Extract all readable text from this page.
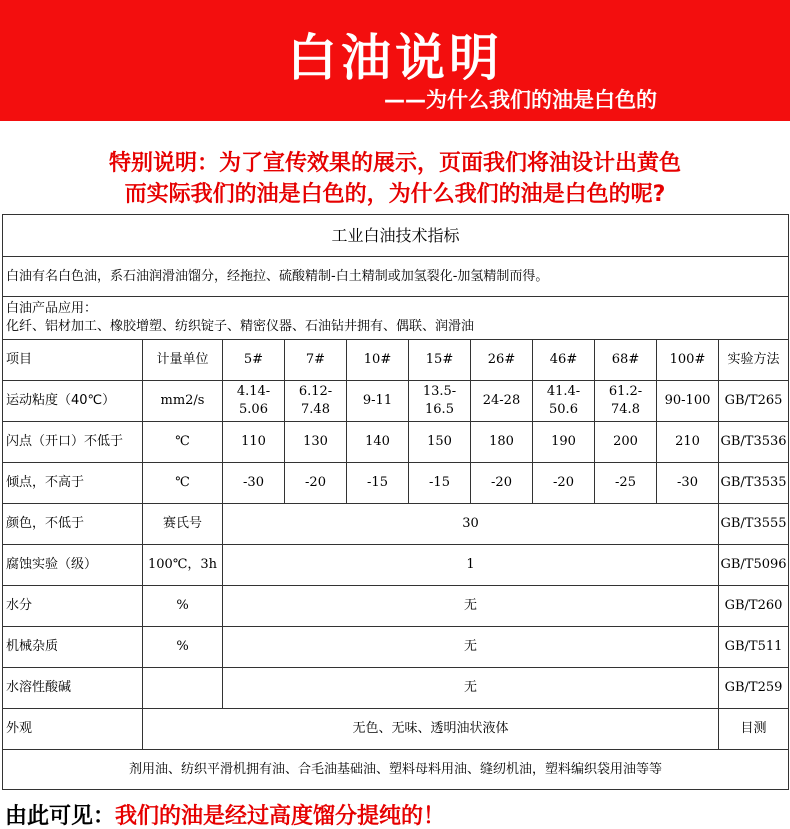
白油说明
——为什么我们的油是白色的
特别说明：为了宣传效果的展示，页面我们将油设计出黄色
而实际我们的油是白色的，为什么我们的油是白色的呢?
工业白油技术指标										
白油有名白色油，系石油润滑油馏分，经拖拉、硫酸精制-白土精制或加氢裂化-加氢精制而得。										

白油产品应用：
化纤、铝材加工、橡胶增塑、纺织锭子、精密仪器、石油钻井拥有、偶联、润滑油										

项目	计量单位	5#	7#	10#	15#	26#	46#	68#	100#	实验方法
运动粘度（40℃）	mm2/s	4.14-5.06	6.12-7.48	9-11	13.5-16.5	24-28	41.4-50.6	61.2-74.8	90-100	GB/T265
闪点（开口）不低于	℃	110	130	140	150	180	190	200	210	GB/T3536
倾点，不高于	℃	-30	-20	-15	-15	-20	-20	-25	-30	GB/T3535
颜色，不低于	赛氏号	30								GB/T3555
腐蚀实验（级）	100℃，3h	1								GB/T5096
水分	%	无								GB/T260
机械杂质	%	无								GB/T511
水溶性酸碱		无								GB/T259
外观	无色、无味、透明油状液体									目测
剂用油、纺织平滑机拥有油、合毛油基础油、塑料母料用油、缝纫机油，塑料编织袋用油等等										
由此可见：我们的油是经过高度馏分提纯的！
